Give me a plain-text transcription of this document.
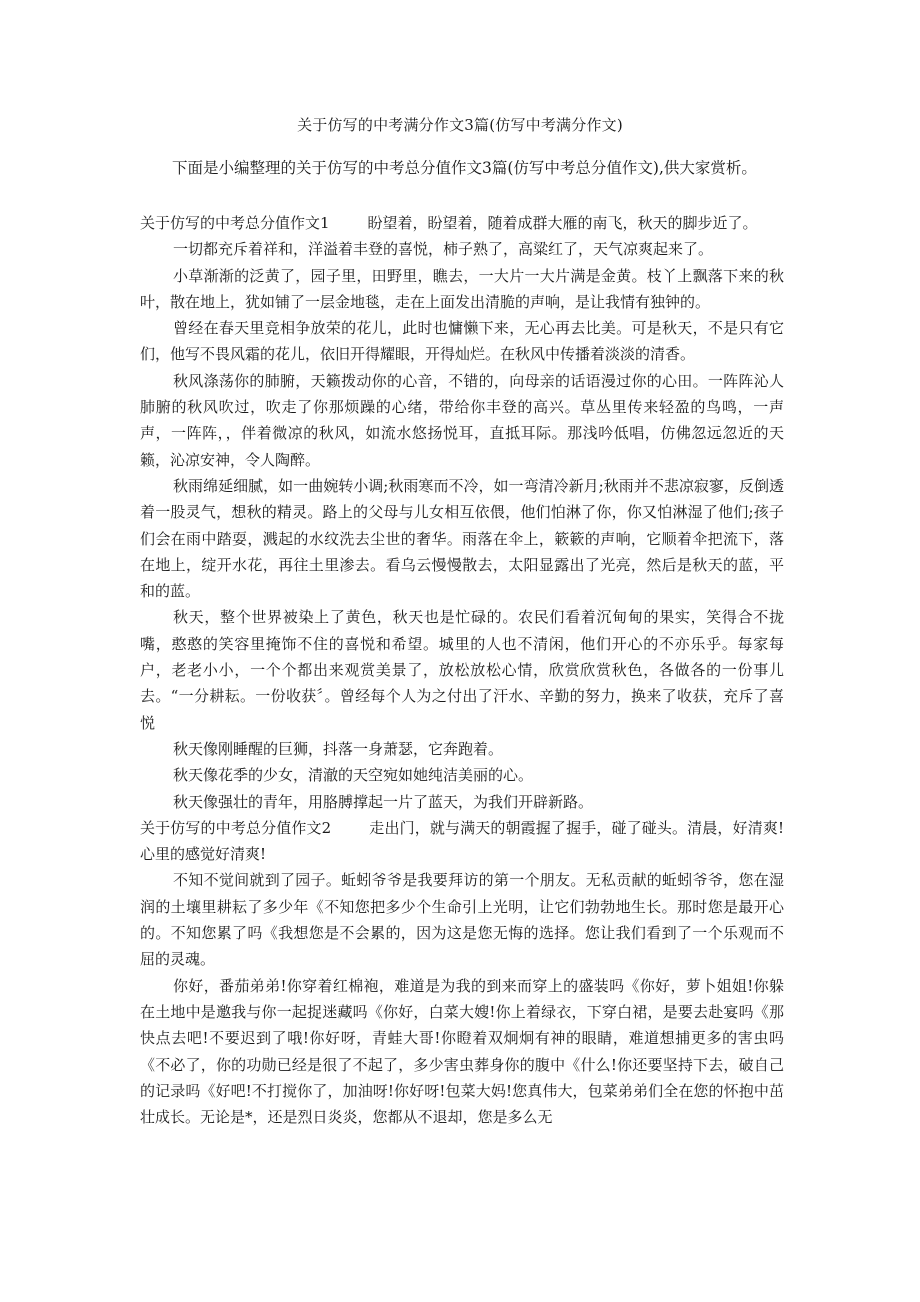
关于仿写的中考满分作文3篇(仿写中考满分作文)
下面是小编整理的关于仿写的中考总分值作文3篇(仿写中考总分值作文),供大家赏析。

关于仿写的中考总分值作文1	盼望着，盼望着，随着成群大雁的南飞，秋天的脚步近了。

一切都充斥着祥和，洋溢着丰登的喜悦，柿子熟了，高粱红了，天气凉爽起来了。

小草渐渐的泛黄了，园子里，田野里，瞧去，一大片一大片满是金黄。枝丫上飘落下来的秋叶，散在地上，犹如铺了一层金地毯，走在上面发出清脆的声响，是让我情有独钟的。

曾经在春天里竞相争放荣的花儿，此时也慵懒下来，无心再去比美。可是秋天，不是只有它们，他写不畏风霜的花儿，依旧开得耀眼，开得灿烂。在秋风中传播着淡淡的清香。

秋风涤荡你的肺腑，天籁拨动你的心音，不错的，向母亲的话语漫过你的心田。一阵阵沁人肺腑的秋风吹过，吹走了你那烦躁的心绪，带给你丰登的高兴。草丛里传来轻盈的鸟鸣，一声声，一阵阵，，伴着微凉的秋风，如流水悠扬悦耳，直抵耳际。那浅吟低唱，仿佛忽远忽近的天籁，沁凉安神，令人陶醉。

秋雨绵延细腻，如一曲婉转小调;秋雨寒而不冷，如一弯清冷新月;秋雨并不悲凉寂寥，反倒透着一股灵气，想秋的精灵。路上的父母与儿女相互依偎，他们怕淋了你，你又怕淋湿了他们;孩子们会在雨中踏耍，溅起的水纹洗去尘世的奢华。雨落在伞上，簌簌的声响，它顺着伞把流下，落在地上，绽开水花，再往土里渗去。看乌云慢慢散去，太阳显露出了光亮，然后是秋天的蓝，平和的蓝。

秋天，整个世界被染上了黄色，秋天也是忙碌的。农民们看着沉甸甸的果实，笑得合不拢嘴，憨憨的笑容里掩饰不住的喜悦和希望。城里的人也不清闲，他们开心的不亦乐乎。每家每户，老老小小，一个个都出来观赏美景了，放松放松心情，欣赏欣赏秋色，各做各的一份事儿去。“一分耕耘。一份收获〞。曾经每个人为之付出了汗水、辛勤的努力，换来了收获，充斥了喜悦

秋天像刚睡醒的巨狮，抖落一身萧瑟，它奔跑着。

秋天像花季的少女，清澈的天空宛如她纯洁美丽的心。

秋天像强壮的青年，用胳膊撑起一片了蓝天，为我们开辟新路。

关于仿写的中考总分值作文2	走出门，就与满天的朝霞握了握手，碰了碰头。清晨，好清爽!心里的感觉好清爽!

不知不觉间就到了园子。蚯蚓爷爷是我要拜访的第一个朋友。无私贡献的蚯蚓爷爷，您在湿润的土壤里耕耘了多少年《不知您把多少个生命引上光明，让它们勃勃地生长。那时您是最开心的。不知您累了吗《我想您是不会累的，因为这是您无悔的选择。您让我们看到了一个乐观而不屈的灵魂。

你好，番茄弟弟!你穿着红棉袍，难道是为我的到来而穿上的盛装吗《你好，萝卜姐姐!你躲在土地中是邀我与你一起捉迷藏吗《你好，白菜大嫂!你上着绿衣，下穿白裙，是要去赴宴吗《那快点去吧!不要迟到了哦!你好呀，青蛙大哥!你瞪着双炯炯有神的眼睛，难道想捕更多的害虫吗《不必了，你的功勋已经是很了不起了，多少害虫葬身你的腹中《什么!你还要坚持下去，破自己的记录吗《好吧!不打搅你了，加油呀!你好呀!包菜大妈!您真伟大，包菜弟弟们全在您的怀抱中茁壮成长。无论是*，还是烈日炎炎，您都从不退却，您是多么无
